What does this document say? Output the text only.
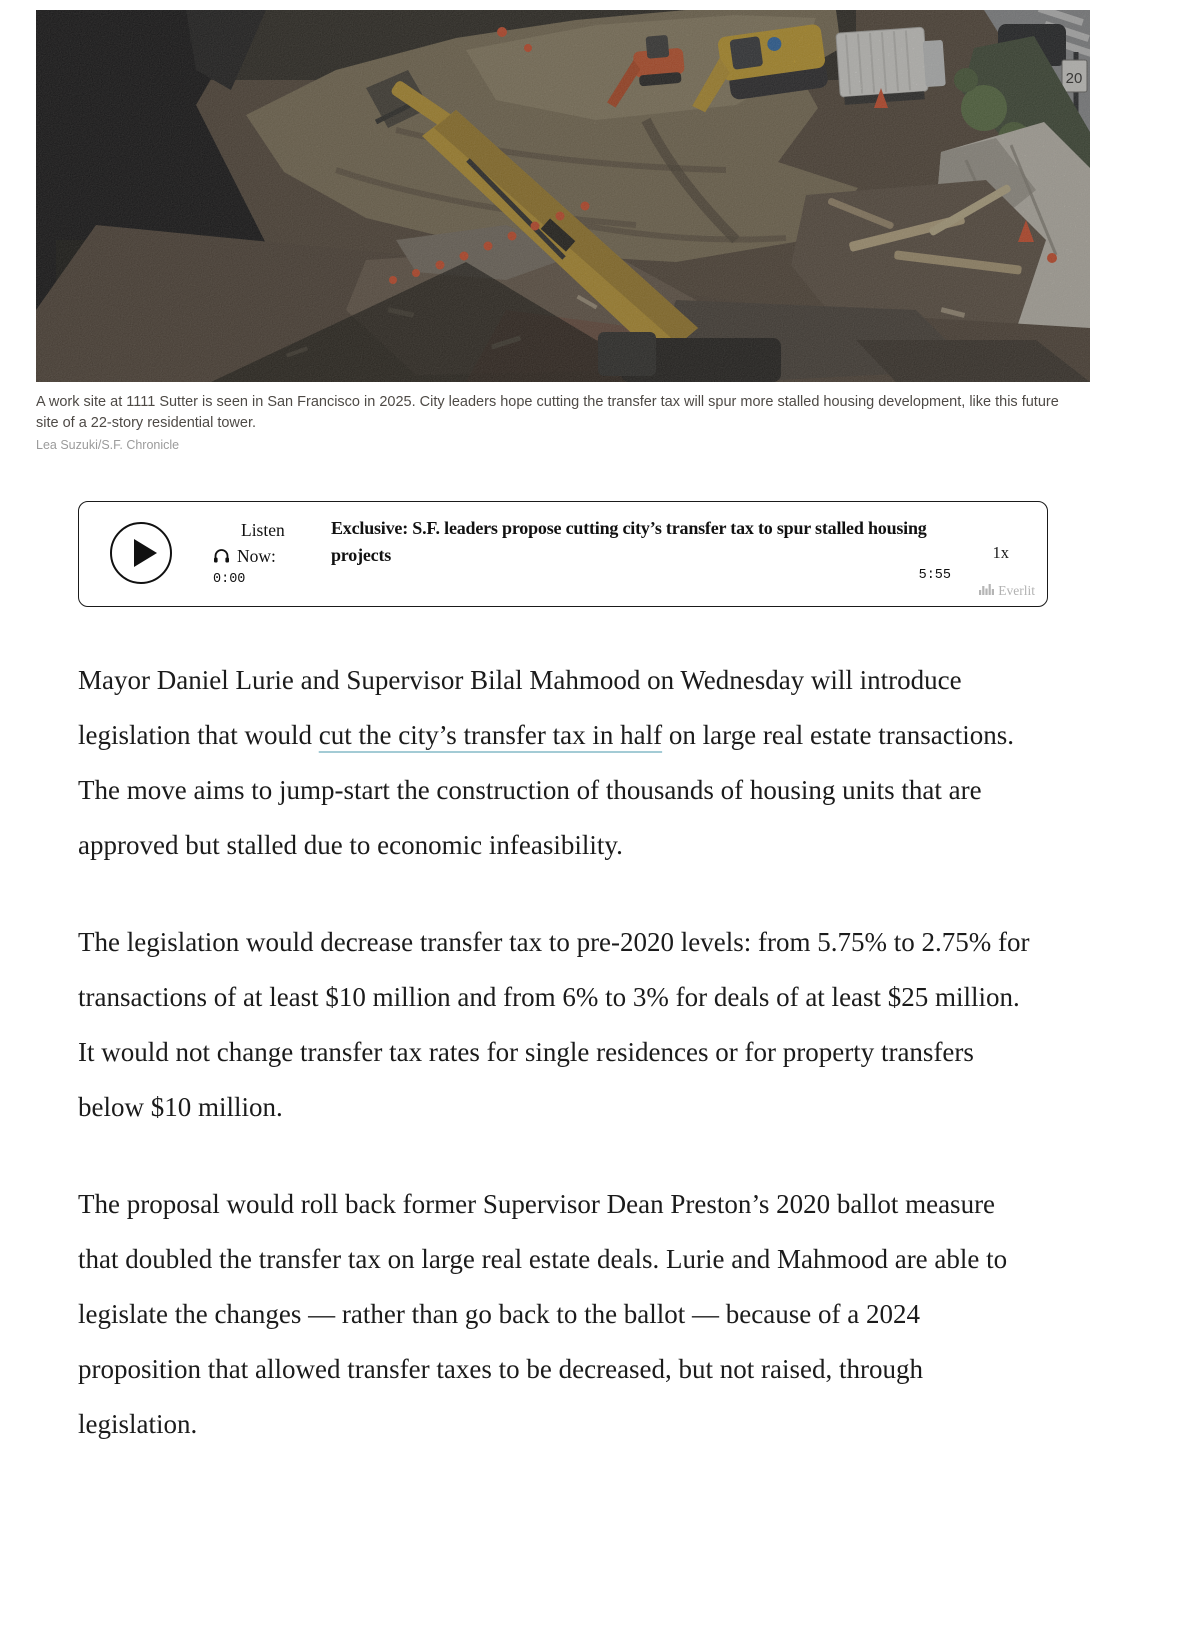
20
A work site at 1111 Sutter is seen in San Francisco in 2025. City leaders hope cutting the transfer tax will spur more stalled housing development, like this future site of a 22-story residential tower.
Lea Suzuki/S.F. Chronicle
Listen
Now:
0:00
Exclusive: S.F. leaders propose cutting city’s transfer tax to spur stalled housing projects	1x
5:55
Everlit

Mayor Daniel Lurie and Supervisor Bilal Mahmood on Wednesday will introduce legislation that would cut the city’s transfer tax in half on large real estate transactions. The move aims to jump-start the construction of thousands of housing units that are approved but stalled due to economic infeasibility.

The legislation would decrease transfer tax to pre-2020 levels: from 5.75% to 2.75% for transactions of at least $10 million and from 6% to 3% for deals of at least $25 million. It would not change transfer tax rates for single residences or for property transfers below $10 million.

The proposal would roll back former Supervisor Dean Preston’s 2020 ballot measure that doubled the transfer tax on large real estate deals. Lurie and Mahmood are able to legislate the changes — rather than go back to the ballot — because of a 2024 proposition that allowed transfer taxes to be decreased, but not raised, through legislation.
